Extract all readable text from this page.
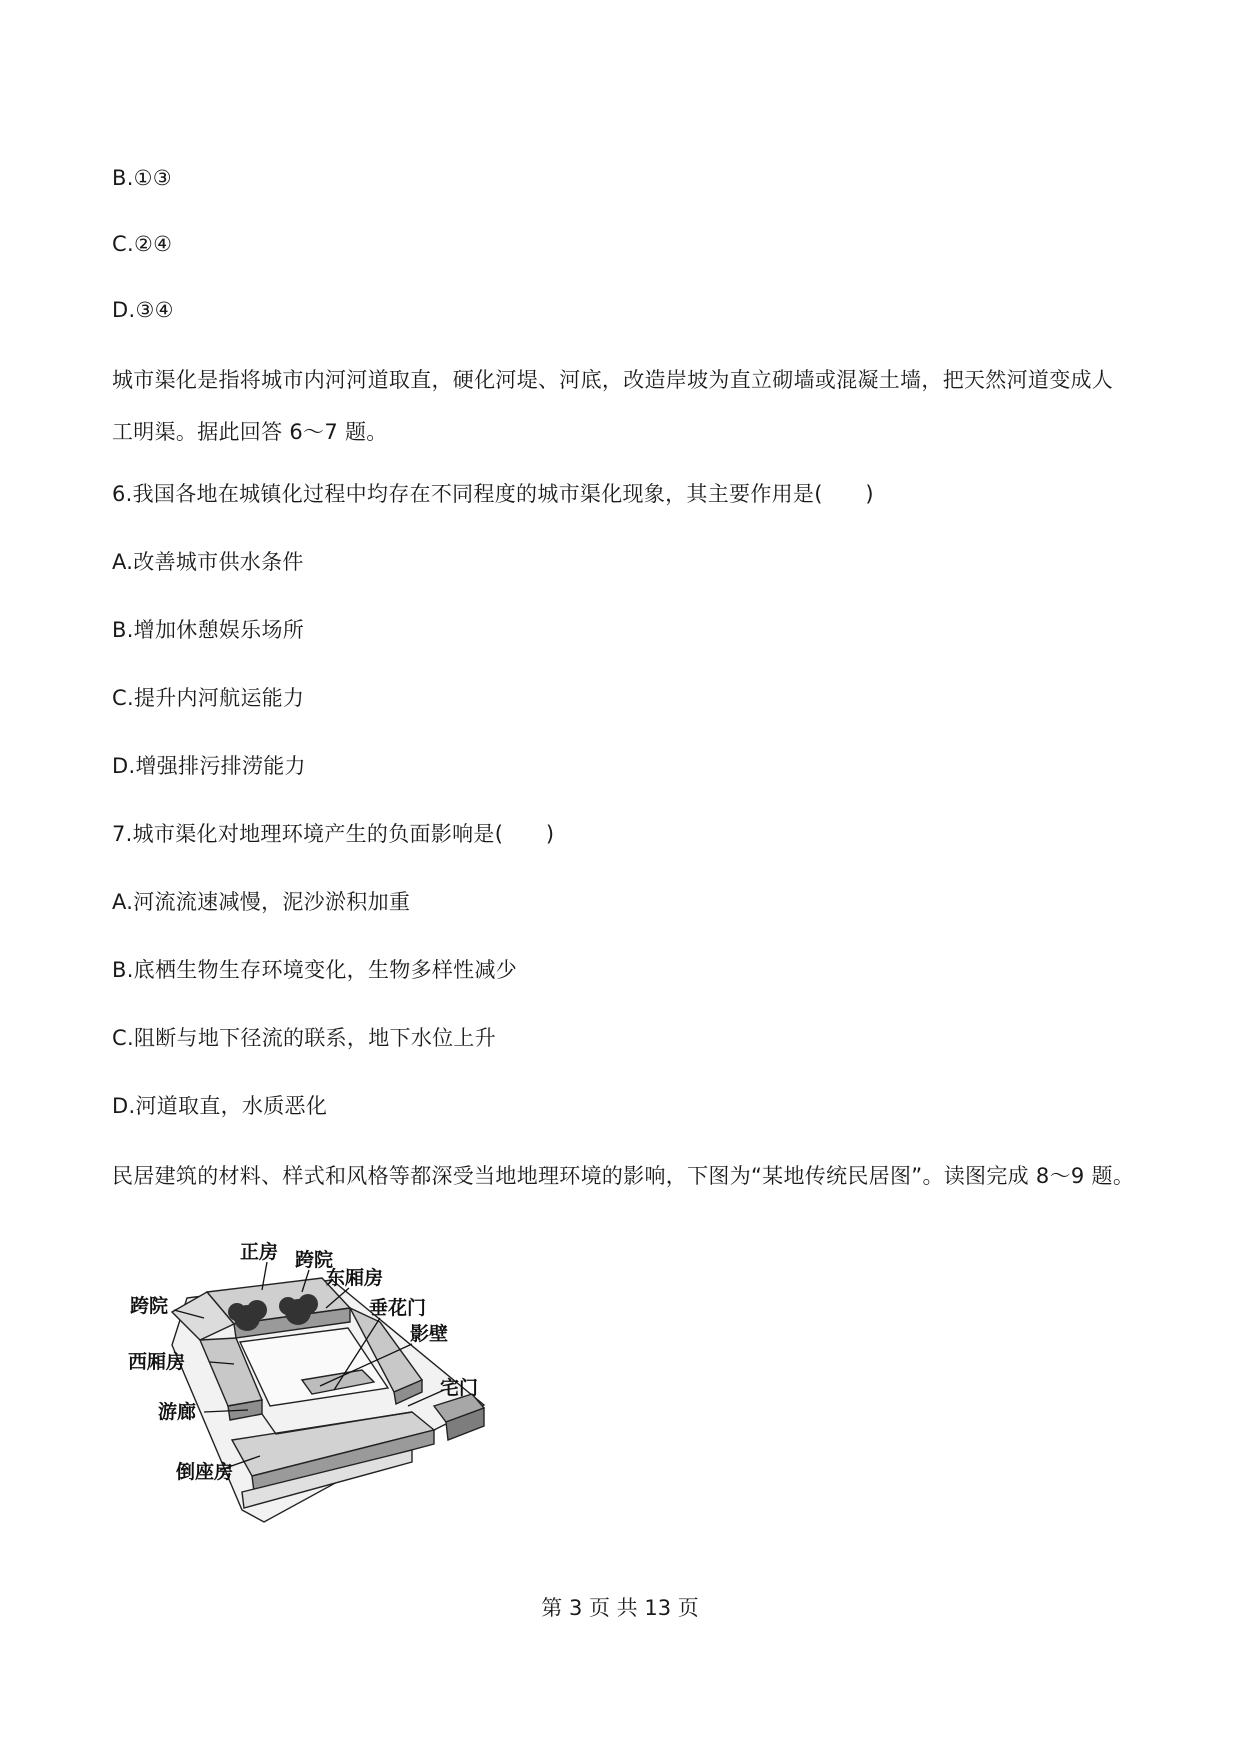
B.①③
C.②④
D.③④
城市渠化是指将城市内河河道取直，硬化河堤、河底，改造岸坡为直立砌墙或混凝土墙，把天然河道变成人工明渠。据此回答 6～7 题。
6.我国各地在城镇化过程中均存在不同程度的城市渠化现象，其主要作用是(　　)
A.改善城市供水条件
B.增加休憩娱乐场所
C.提升内河航运能力
D.增强排污排涝能力
7.城市渠化对地理环境产生的负面影响是(　　)
A.河流流速减慢，泥沙淤积加重
B.底栖生物生存环境变化，生物多样性减少
C.阻断与地下径流的联系，地下水位上升
D.河道取直，水质恶化
民居建筑的材料、样式和风格等都深受当地地理环境的影响，下图为“某地传统民居图”。读图完成 8～9 题。
正房 跨院
东厢房
跨院	垂花门
影壁
西厢房
宅门
游廊
倒座房
第 3 页 共 13 页
